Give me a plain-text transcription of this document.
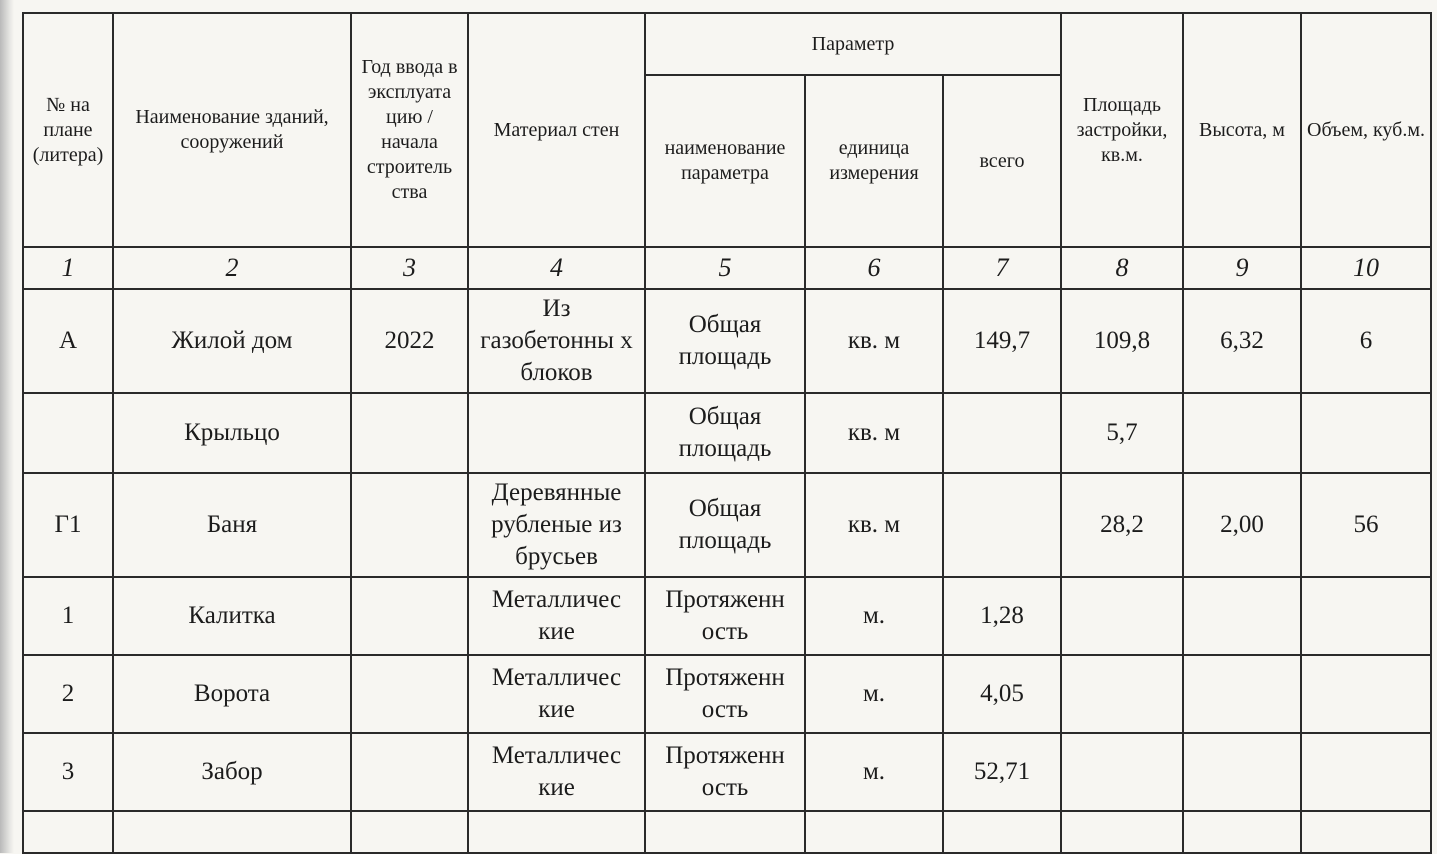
№ на плане (литера)	Наименование зданий, сооружений	Год ввода в эксплуата цию / начала строитель ства	Материал стен	Параметр			Площадь застройки, кв.м.	Высота, м	Объем, куб.м.
				наименование параметра	единица измерения	всего			
1	2	3	4	5	6	7	8	9	10
А	Жилой дом	2022	Из газобетонны х блоков	Общая площадь	кв. м	149,7	109,8	6,32	6
	Крыльцо			Общая площадь	кв. м		5,7		
Г1	Баня		Деревянные рубленые из брусьев	Общая площадь	кв. м		28,2	2,00	56
1	Калитка		Металличес кие	Протяженн ость	м.	1,28			
2	Ворота		Металличес кие	Протяженн ость	м.	4,05			
3	Забор		Металличес кие	Протяженн ость	м.	52,71			
